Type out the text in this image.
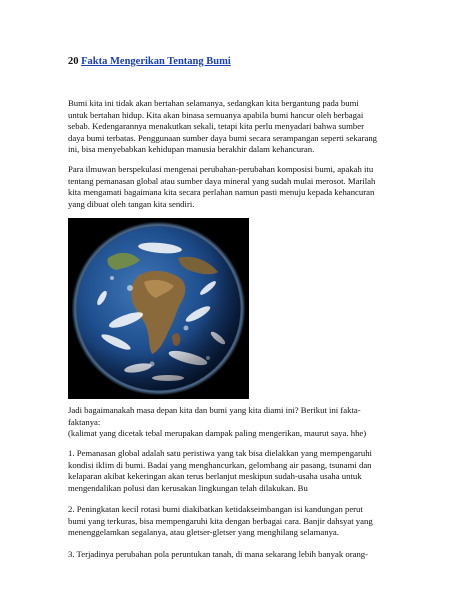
20 Fakta Mengerikan Tentang Bumi

Bumi kita ini tidak akan bertahan selamanya, sedangkan kita bergantung pada bumi
untuk bertahan hidup. Kita akan binasa semuanya apabila bumi hancur oleh berbagai
sebab. Kedengarannya menakutkan sekali, tetapi kita perlu menyadari bahwa sumber
daya bumi terbatas. Penggunaan sumber daya bumi secara serampangan seperti sekarang
ini, bisa menyebabkan kehidupan manusia berakhir dalam kehancuran.

Para ilmuwan berspekulasi mengenai perubahan-perubahan komposisi bumi, apakah itu
tentang pemanasan global atau sumber daya mineral yang sudah mulai merosot. Marilah
kita mengamati bagaimana kita secara perlahan namun pasti menuju kepada kehancuran
yang dibuat oleh tangan kita sendiri.

Jadi bagaimanakah masa depan kita dan bumi yang kita diami ini? Berikut ini fakta-
faktanya:
(kalimat yang dicetak tebal merupakan dampak paling mengerikan, maurut saya. hhe)

1. Pemanasan global adalah satu peristiwa yang tak bisa dielakkan yang mempengaruhi
kondisi iklim di bumi. Badai yang menghancurkan, gelombang air pasang, tsunami dan
kelaparan akibat kekeringan akan terus berlanjut meskipun sudah-usaha usaha untuk
mengendalikan polusi dan kerusakan lingkungan telah dilakukan. Bu

2. Peningkatan kecil rotasi bumi diakibatkan ketidakseimbangan isi kandungan perut
bumi yang terkuras, bisa mempengaruhi kita dengan berbagai cara. Banjir dahsyat yang
menenggelamkan segalanya, atau gletser-gletser yang menghilang selamanya.

3. Terjadinya perubahan pola peruntukan tanah, di mana sekarang lebih banyak orang-
